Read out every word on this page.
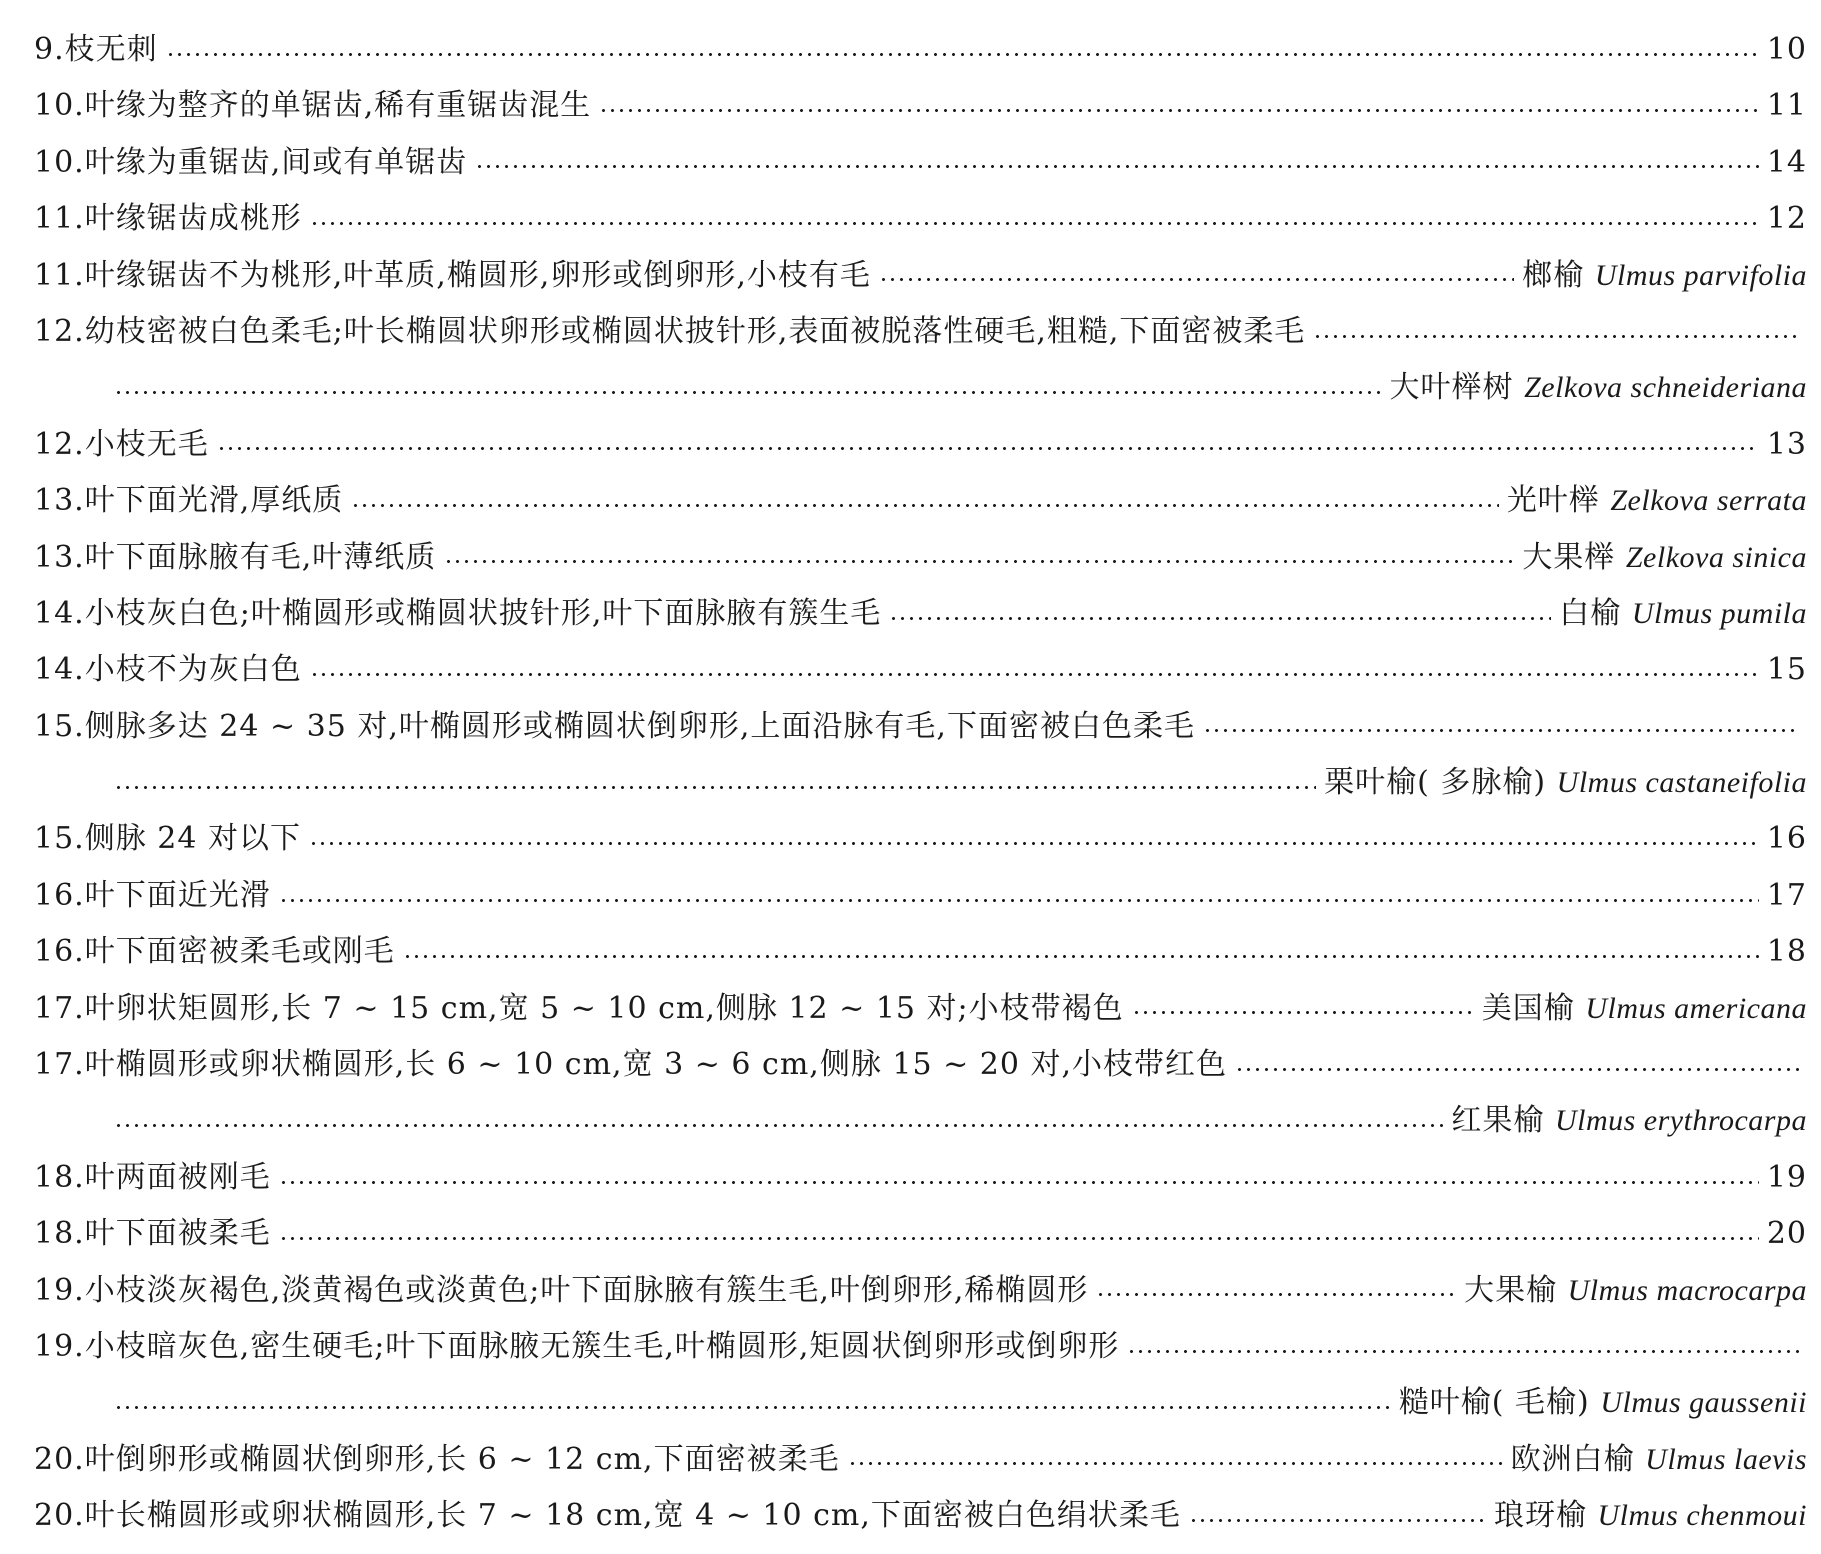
9. 枝无刺	10
10. 叶缘为整齐的单锯齿,稀有重锯齿混生	11
10. 叶缘为重锯齿,间或有单锯齿	14
11. 叶缘锯齿成桃形	12
11. 叶缘锯齿不为桃形,叶革质,椭圆形,卵形或倒卵形,小枝有毛	榔榆 Ulmus parvifolia
12. 幼枝密被白色柔毛;叶长椭圆状卵形或椭圆状披针形,表面被脱落性硬毛,粗糙,下面密被柔毛
大叶榉树 Zelkova schneideriana
12. 小枝无毛	13
13. 叶下面光滑,厚纸质	光叶榉 Zelkova serrata
13. 叶下面脉腋有毛,叶薄纸质	大果榉 Zelkova sinica
14. 小枝灰白色;叶椭圆形或椭圆状披针形,叶下面脉腋有簇生毛	白榆 Ulmus pumila
14. 小枝不为灰白色	15
15. 侧脉多达 24 ~ 35 对,叶椭圆形或椭圆状倒卵形,上面沿脉有毛,下面密被白色柔毛
栗叶榆( 多脉榆) Ulmus castaneifolia
15. 侧脉 24 对以下	16
16. 叶下面近光滑	17
16. 叶下面密被柔毛或刚毛	18
17. 叶卵状矩圆形,长 7 ~ 15 cm,宽 5 ~ 10 cm,侧脉 12 ~ 15 对;小枝带褐色	美国榆 Ulmus americana
17. 叶椭圆形或卵状椭圆形,长 6 ~ 10 cm,宽 3 ~ 6 cm,侧脉 15 ~ 20 对,小枝带红色
红果榆 Ulmus erythrocarpa
18. 叶两面被刚毛	19
18. 叶下面被柔毛	20
19. 小枝淡灰褐色,淡黄褐色或淡黄色;叶下面脉腋有簇生毛,叶倒卵形,稀椭圆形	大果榆 Ulmus macrocarpa
19. 小枝暗灰色,密生硬毛;叶下面脉腋无簇生毛,叶椭圆形,矩圆状倒卵形或倒卵形
糙叶榆( 毛榆) Ulmus gaussenii
20. 叶倒卵形或椭圆状倒卵形,长 6 ~ 12 cm,下面密被柔毛	欧洲白榆 Ulmus laevis
20. 叶长椭圆形或卵状椭圆形,长 7 ~ 18 cm,宽 4 ~ 10 cm,下面密被白色绢状柔毛	琅玡榆 Ulmus chenmoui
